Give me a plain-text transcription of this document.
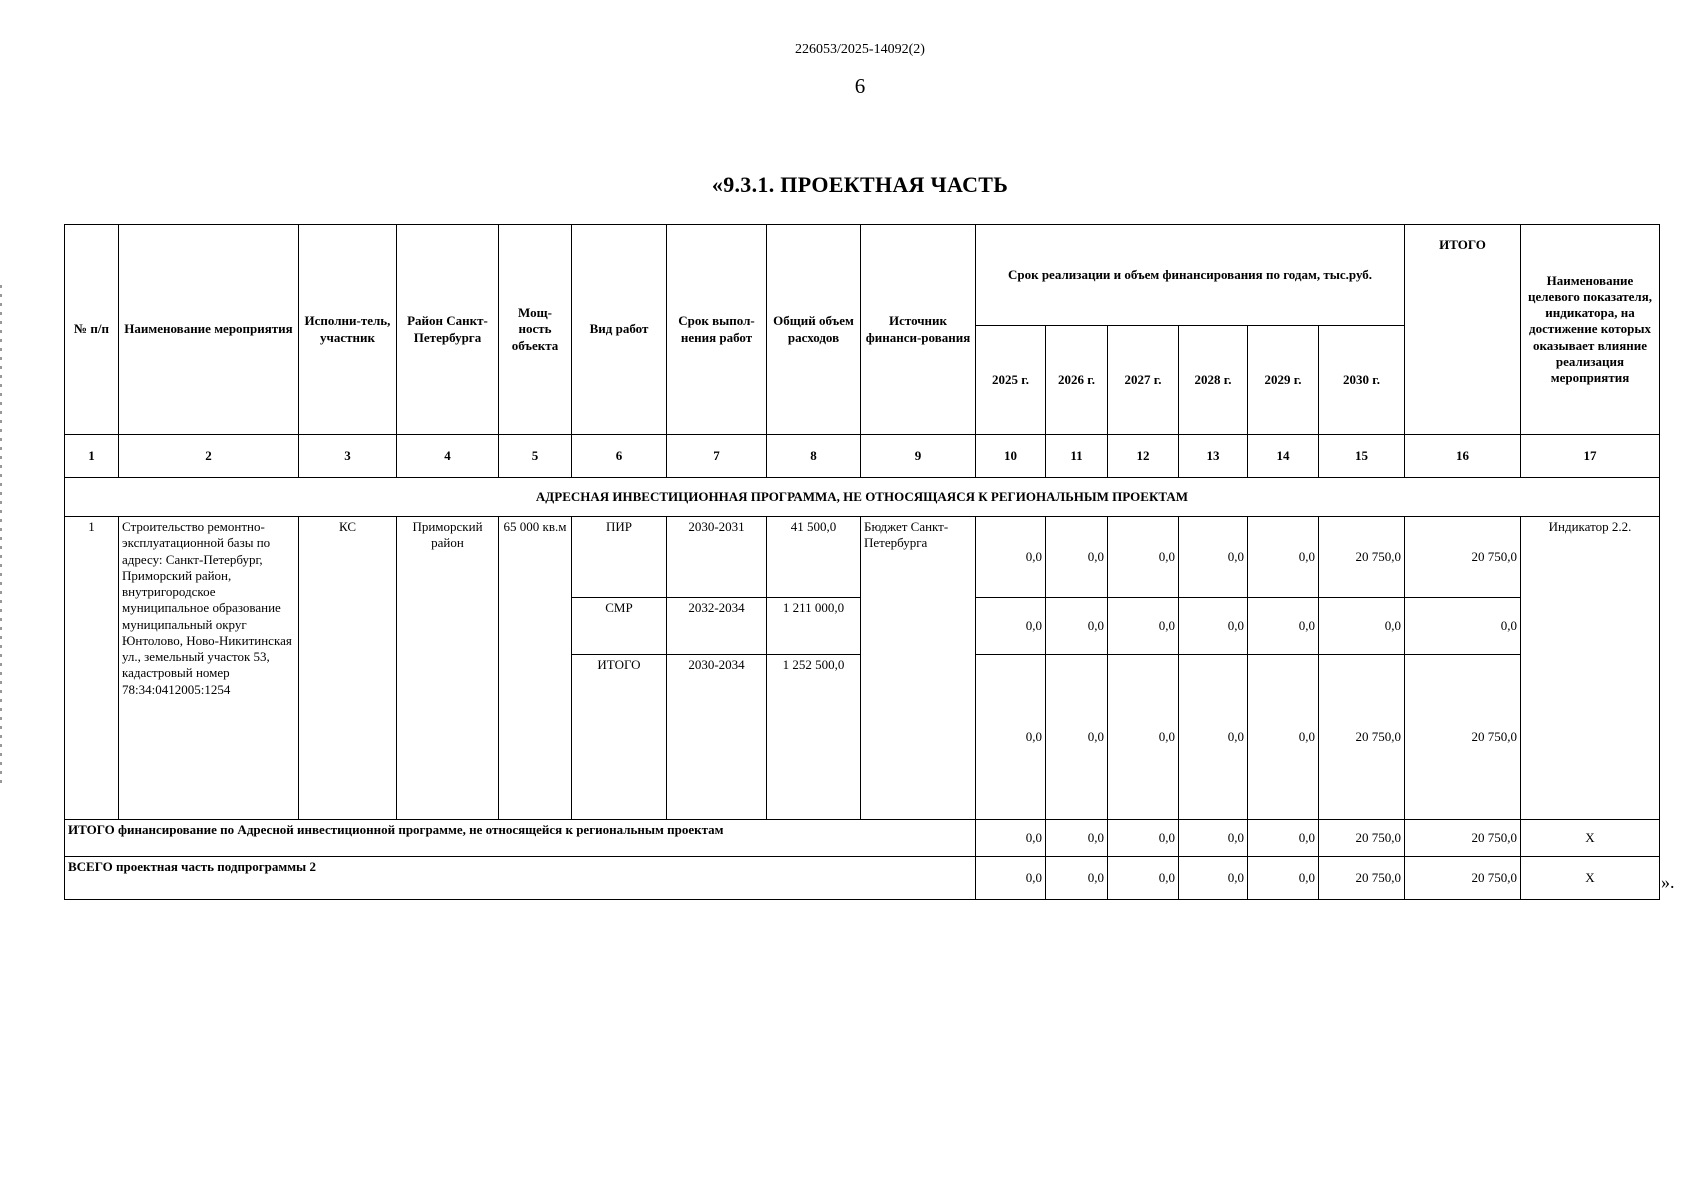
226053/2025-14092(2)
6
«9.3.1. ПРОЕКТНАЯ ЧАСТЬ
№ п/п	Наименование мероприятия	Исполни-тель, участник	Район Санкт-Петербурга	Мощ-ность объекта	Вид работ	Срок выпол-нения работ	Общий объем расходов	Источник финанси-рования	Срок реализации и объем финансирования по годам, тыс.руб.						ИТОГО	Наименование целевого показателя, индикатора, на достижение которых оказывает влияние реализация мероприятия
									2025 г.	2026 г.	2027 г.	2028 г.	2029 г.	2030 г.		
1	2	3	4	5	6	7	8	9	10	11	12	13	14	15	16	17
АДРЕСНАЯ ИНВЕСТИЦИОННАЯ ПРОГРАММА, НЕ ОТНОСЯЩАЯСЯ К РЕГИОНАЛЬНЫМ ПРОЕКТАМ																
1	Строительство ремонтно-эксплуатационной базы по адресу: Санкт-Петербург, Приморский район, внутригородское муниципальное образование муниципальный округ Юнтолово, Ново-Никитинская ул., земельный участок 53, кадастровый номер 78:34:0412005:1254	КС	Приморский район	65 000 кв.м	ПИР	2030-2031	41 500,0	Бюджет Санкт-Петербурга	0,0	0,0	0,0	0,0	0,0	20 750,0	20 750,0	Индикатор 2.2.
					СМР	2032-2034	1 211 000,0		0,0	0,0	0,0	0,0	0,0	0,0	0,0	
					ИТОГО	2030-2034	1 252 500,0		0,0	0,0	0,0	0,0	0,0	20 750,0	20 750,0	
ИТОГО финансирование по Адресной инвестиционной программе, не относящейся к региональным проектам									0,0	0,0	0,0	0,0	0,0	20 750,0	20 750,0	Х
ВСЕГО проектная часть подпрограммы 2									0,0	0,0	0,0	0,0	0,0	20 750,0	20 750,0	Х	».
